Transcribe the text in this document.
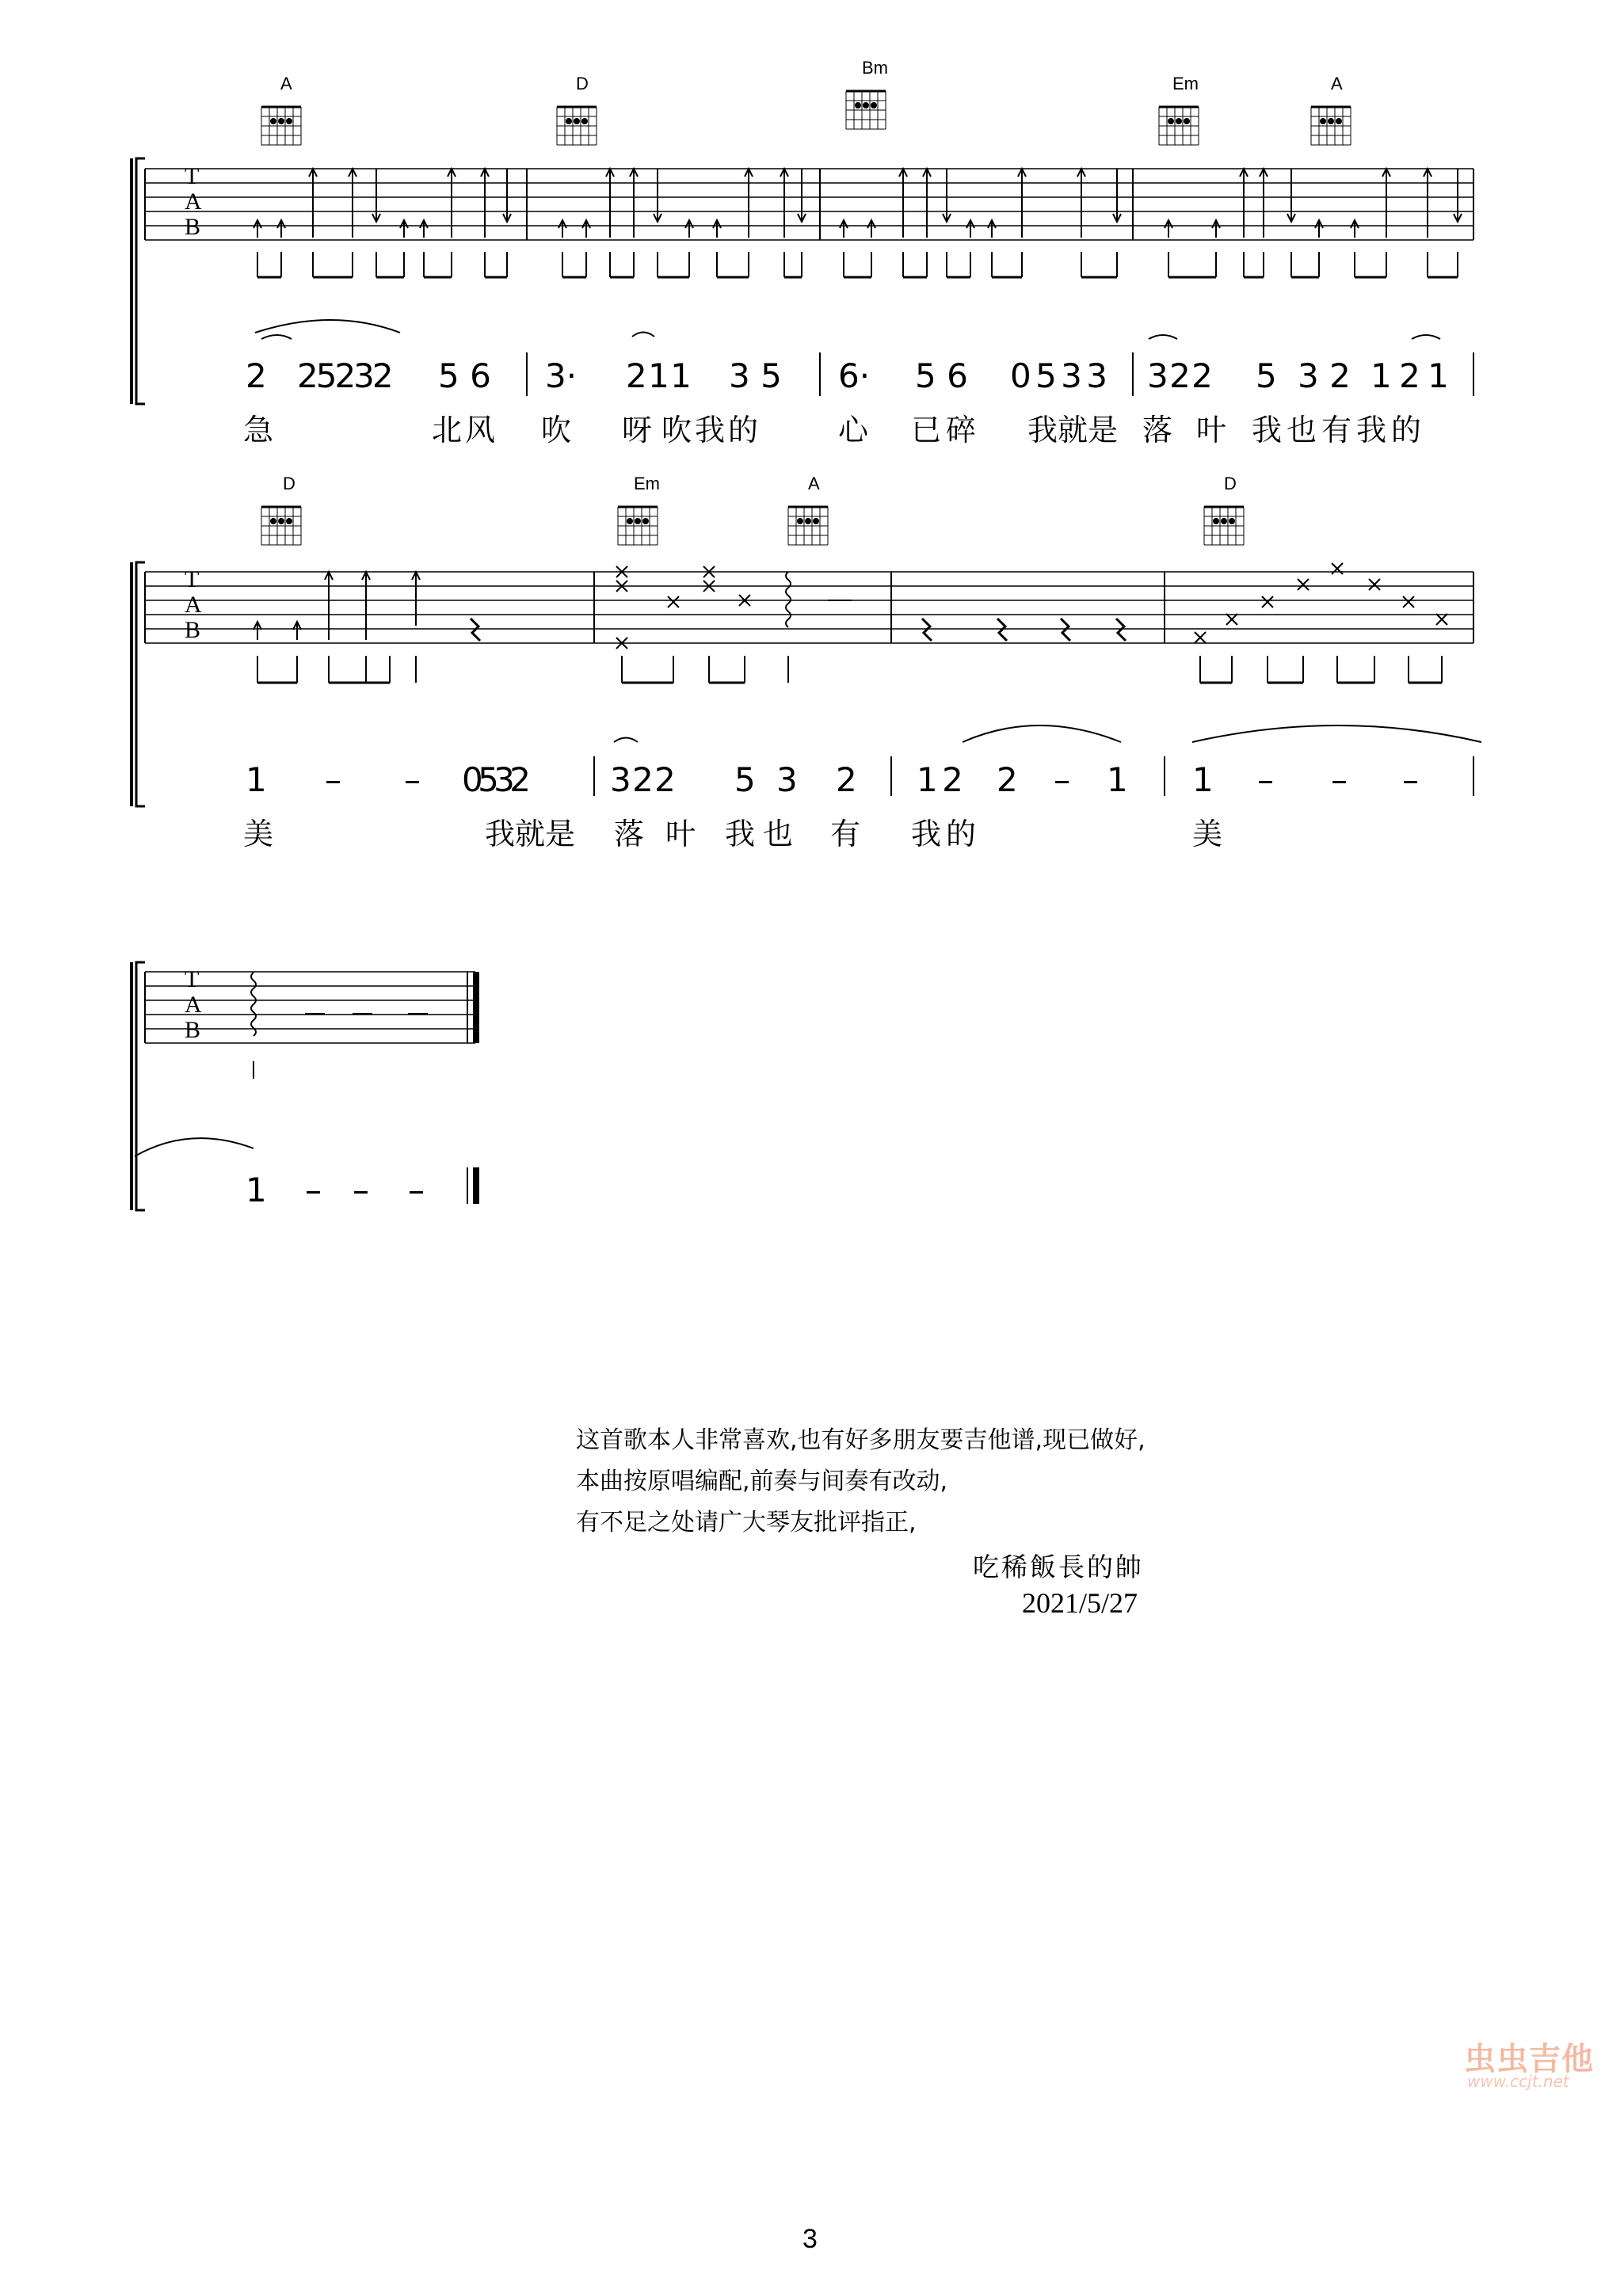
A	D
Bm
Em	A
D	Em	A	D
T
A
B
T
A
B
T
A
B
2 25232 5 6 3· 2 1 1 3 5 6· 5 6 0 5 3 3 3 2 2 5 3 2 1 2 1
急	北风 吹 呀 吹我的	心 已碎 我就是 落 叶 我也有我的
1 – – 0 5 3 2	3 2 2 5 3 2 1 2 2 – 1 1 – – –
美	我就是 落 叶 我也 有 我的	美
1 – – –
这首歌本人非常喜欢,也有好多朋友要吉他谱,现已做好,
本曲按原唱编配,前奏与间奏有改动,
有不足之处请广大琴友批评指正,
吃稀飯長的帥
2021/5/27
虫虫吉他
www.ccjt.net
3
